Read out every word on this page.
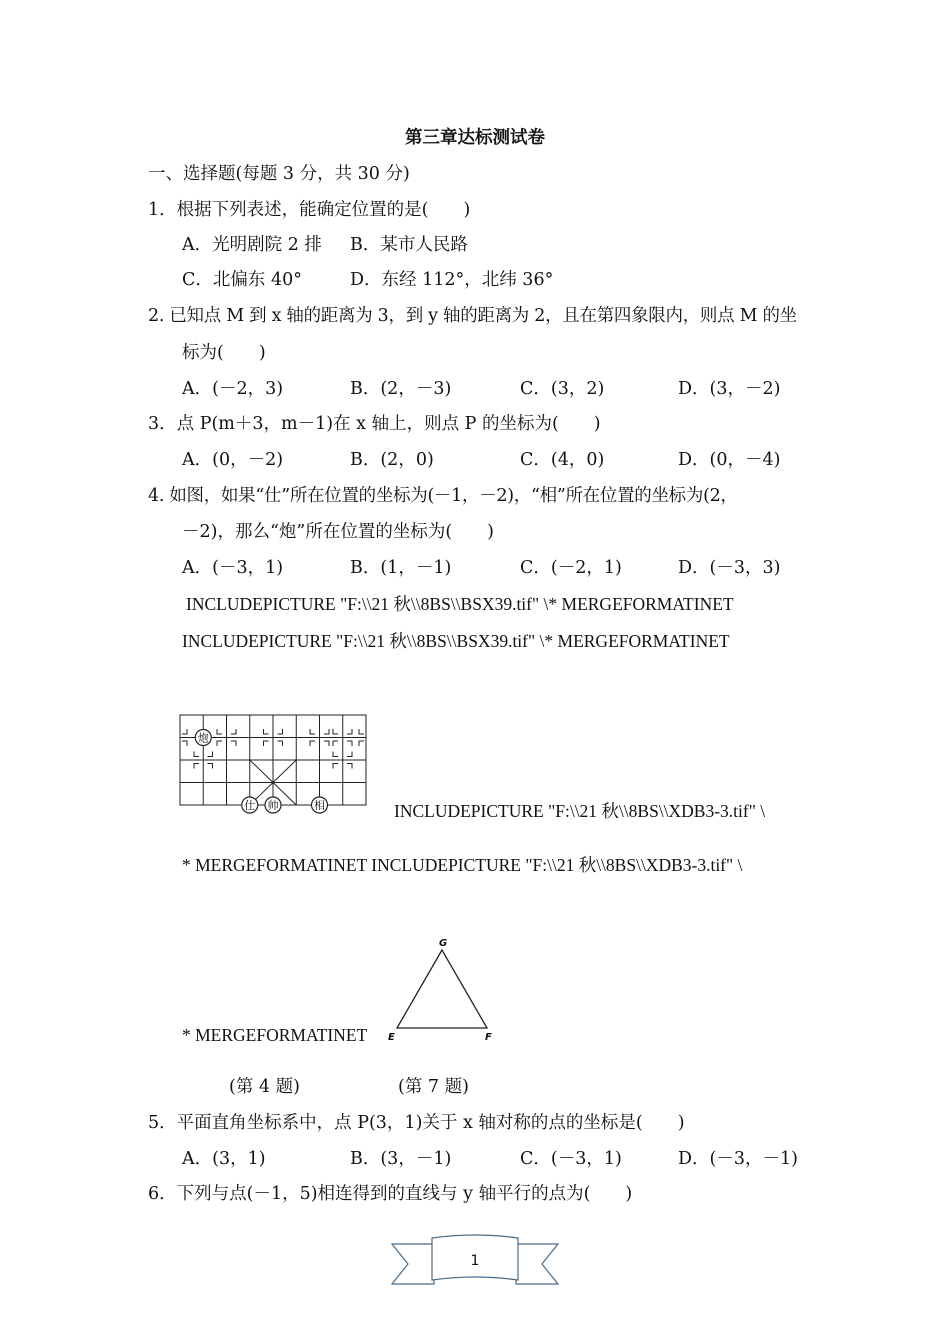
第三章达标测试卷
一、选择题(每题 3 分，共 30 分)
1．根据下列表述，能确定位置的是(　　)
A．光明剧院 2 排 B．某市人民路
C．北偏东 40°	D．东经 112°，北纬 36°
2. 已知点 M 到 x 轴的距离为 3，到 y 轴的距离为 2，且在第四象限内，则点 M 的坐
标为(　　)
A．(－2，3)	B．(2，－3)	C．(3，2)	D．(3，－2)
3．点 P(m＋3，m－1)在 x 轴上，则点 P 的坐标为(　　)
A．(0，－2)	B．(2，0)	C．(4，0)	D．(0，－4)
4. 如图，如果“仕”所在位置的坐标为(－1，－2)，“相”所在位置的坐标为(2，
－2)，那么“炮”所在位置的坐标为(　　)
A．(－3，1)	B．(1，－1)	C．(－2，1)	D．(－3，3)
INCLUDEPICTURE "F:\\21 秋\\8BS\\BSX39.tif" \* MERGEFORMATINET
INCLUDEPICTURE "F:\\21 秋\\8BS\\BSX39.tif" \* MERGEFORMATINET
炮
仕 帅	相	INCLUDEPICTURE "F:\\21 秋\\8BS\\XDB3-3.tif" \
* MERGEFORMATINET INCLUDEPICTURE "F:\\21 秋\\8BS\\XDB3-3.tif" \
* MERGEFORMATINET
G
E	F
(第 4 题)	(第 7 题)
5．平面直角坐标系中，点 P(3，1)关于 x 轴对称的点的坐标是(　　)
A．(3，1)	B．(3，－1)	C．(－3，1)	D．(－3，－1)
6．下列与点(－1，5)相连得到的直线与 y 轴平行的点为(　　)
1
